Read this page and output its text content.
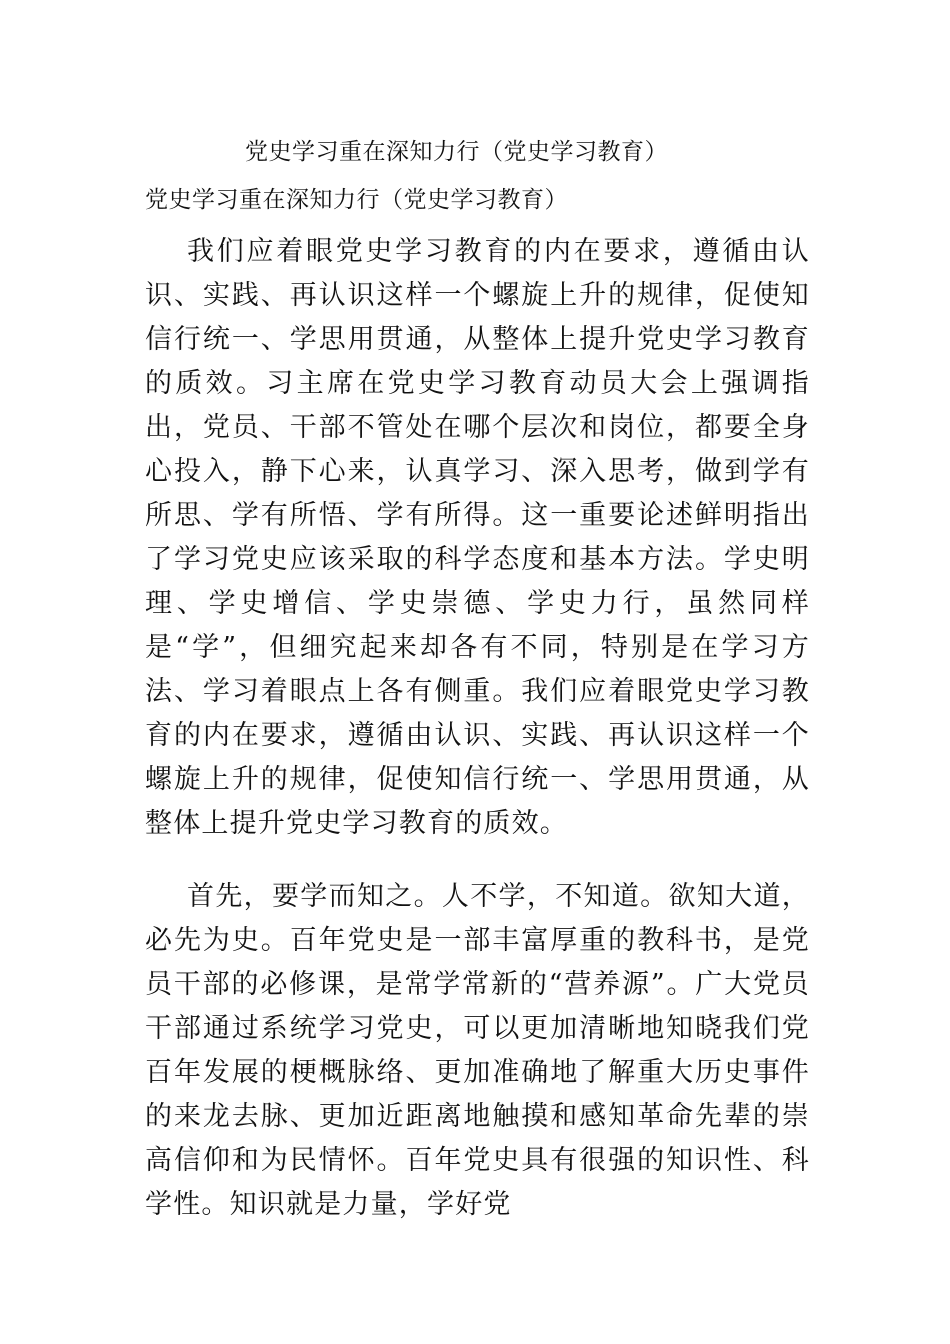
党史学习重在深知力行（党史学习教育）
党史学习重在深知力行（党史学习教育）

我们应着眼党史学习教育的内在要求，遵循由认识、实践、再认识这样一个螺旋上升的规律，促使知信行统一、学思用贯通，从整体上提升党史学习教育的质效。习主席在党史学习教育动员大会上强调指出，党员、干部不管处在哪个层次和岗位，都要全身心投入，静下心来，认真学习、深入思考，做到学有所思、学有所悟、学有所得。这一重要论述鲜明指出了学习党史应该采取的科学态度和基本方法。学史明理、学史增信、学史崇德、学史力行，虽然同样是“学”，但细究起来却各有不同，特别是在学习方法、学习着眼点上各有侧重。我们应着眼党史学习教育的内在要求，遵循由认识、实践、再认识这样一个螺旋上升的规律，促使知信行统一、学思用贯通，从整体上提升党史学习教育的质效。

首先，要学而知之。人不学，不知道。欲知大道，必先为史。百年党史是一部丰富厚重的教科书，是党员干部的必修课，是常学常新的“营养源”。广大党员干部通过系统学习党史，可以更加清晰地知晓我们党百年发展的梗概脉络、更加准确地了解重大历史事件的来龙去脉、更加近距离地触摸和感知革命先辈的崇高信仰和为民情怀。百年党史具有很强的知识性、科学性。知识就是力量，学好党
